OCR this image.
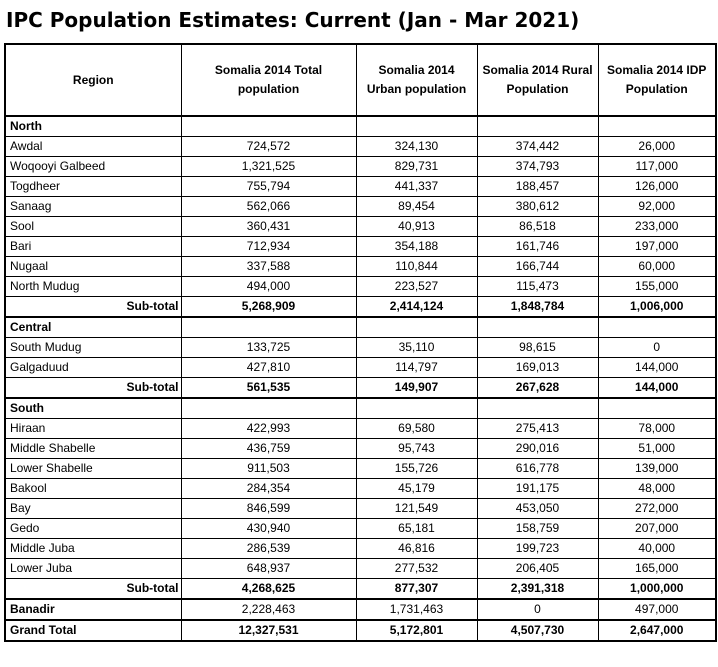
IPC Population Estimates: Current (Jan - Mar 2021)
Region	Somalia 2014 Total population	Somalia 2014 Urban population	Somalia 2014 Rural Population	Somalia 2014 IDP Population
North				
Awdal	724,572	324,130	374,442	26,000
Woqooyi Galbeed	1,321,525	829,731	374,793	117,000
Togdheer	755,794	441,337	188,457	126,000
Sanaag	562,066	89,454	380,612	92,000
Sool	360,431	40,913	86,518	233,000
Bari	712,934	354,188	161,746	197,000
Nugaal	337,588	110,844	166,744	60,000
North Mudug	494,000	223,527	115,473	155,000
Sub-total	5,268,909	2,414,124	1,848,784	1,006,000
Central				
South Mudug	133,725	35,110	98,615	0
Galgaduud	427,810	114,797	169,013	144,000
Sub-total	561,535	149,907	267,628	144,000
South				
Hiraan	422,993	69,580	275,413	78,000
Middle Shabelle	436,759	95,743	290,016	51,000
Lower Shabelle	911,503	155,726	616,778	139,000
Bakool	284,354	45,179	191,175	48,000
Bay	846,599	121,549	453,050	272,000
Gedo	430,940	65,181	158,759	207,000
Middle Juba	286,539	46,816	199,723	40,000
Lower Juba	648,937	277,532	206,405	165,000
Sub-total	4,268,625	877,307	2,391,318	1,000,000
Banadir	2,228,463	1,731,463	0	497,000
Grand Total	12,327,531	5,172,801	4,507,730	2,647,000
